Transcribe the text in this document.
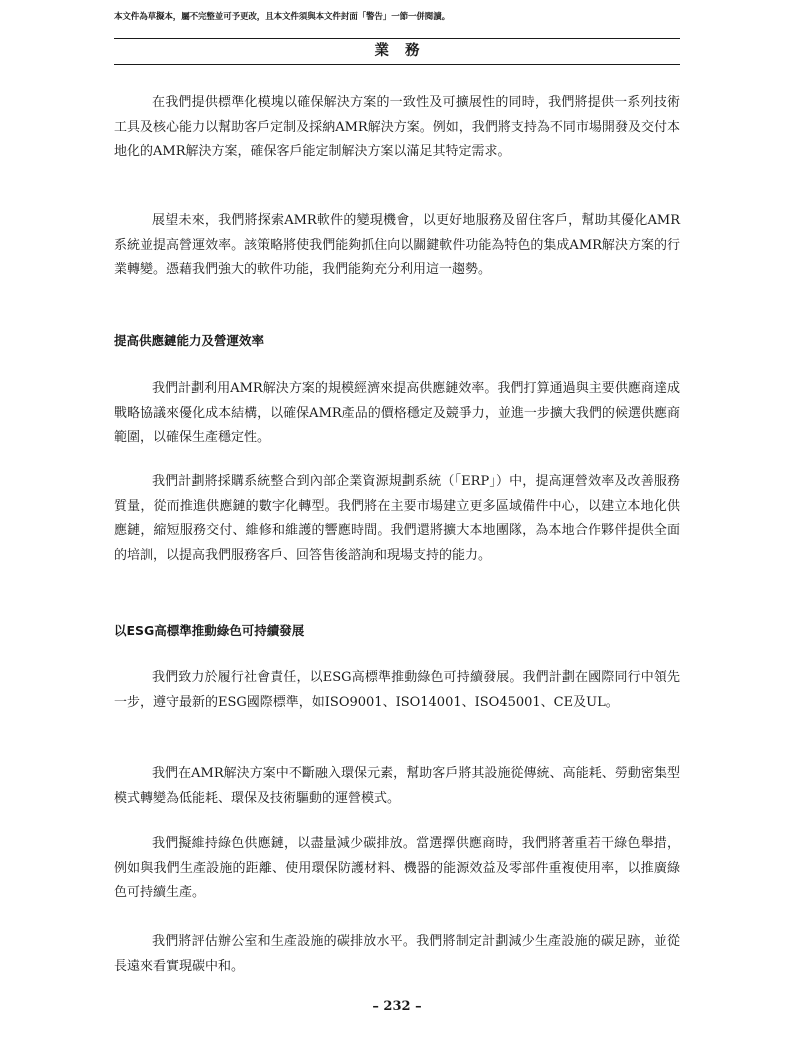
本文件為草擬本，屬不完整並可予更改，且本文件須與本文件封面「警告」一節一併閱讀。
業務

在我們提供標準化模塊以確保解決方案的一致性及可擴展性的同時，我們將提供一系列技術工具及核心能力以幫助客戶定制及採納AMR解決方案。例如，我們將支持為不同市場開發及交付本地化的AMR解決方案，確保客戶能定制解決方案以滿足其特定需求。

展望未來，我們將探索AMR軟件的變現機會，以更好地服務及留住客戶，幫助其優化AMR系統並提高營運效率。該策略將使我們能夠抓住向以關鍵軟件功能為特色的集成AMR解決方案的行業轉變。憑藉我們強大的軟件功能，我們能夠充分利用這一趨勢。

提高供應鏈能力及營運效率

我們計劃利用AMR解決方案的規模經濟來提高供應鏈效率。我們打算通過與主要供應商達成戰略協議來優化成本結構，以確保AMR產品的價格穩定及競爭力，並進一步擴大我們的候選供應商範圍，以確保生產穩定性。

我們計劃將採購系統整合到內部企業資源規劃系統（「ERP」）中，提高運營效率及改善服務質量，從而推進供應鏈的數字化轉型。我們將在主要市場建立更多區域備件中心，以建立本地化供應鏈，縮短服務交付、維修和維護的響應時間。我們還將擴大本地團隊，為本地合作夥伴提供全面的培訓，以提高我們服務客戶、回答售後諮詢和現場支持的能力。

以ESG高標準推動綠色可持續發展

我們致力於履行社會責任，以ESG高標準推動綠色可持續發展。我們計劃在國際同行中領先一步，遵守最新的ESG國際標準，如ISO9001、ISO14001、ISO45001、CE及UL。

我們在AMR解決方案中不斷融入環保元素，幫助客戶將其設施從傳統、高能耗、勞動密集型模式轉變為低能耗、環保及技術驅動的運營模式。

我們擬維持綠色供應鏈，以盡量減少碳排放。當選擇供應商時，我們將著重若干綠色舉措，例如與我們生產設施的距離、使用環保防護材料、機器的能源效益及零部件重複使用率，以推廣綠色可持續生產。

我們將評估辦公室和生產設施的碳排放水平。我們將制定計劃減少生產設施的碳足跡，並從長遠來看實現碳中和。

– 232 –
